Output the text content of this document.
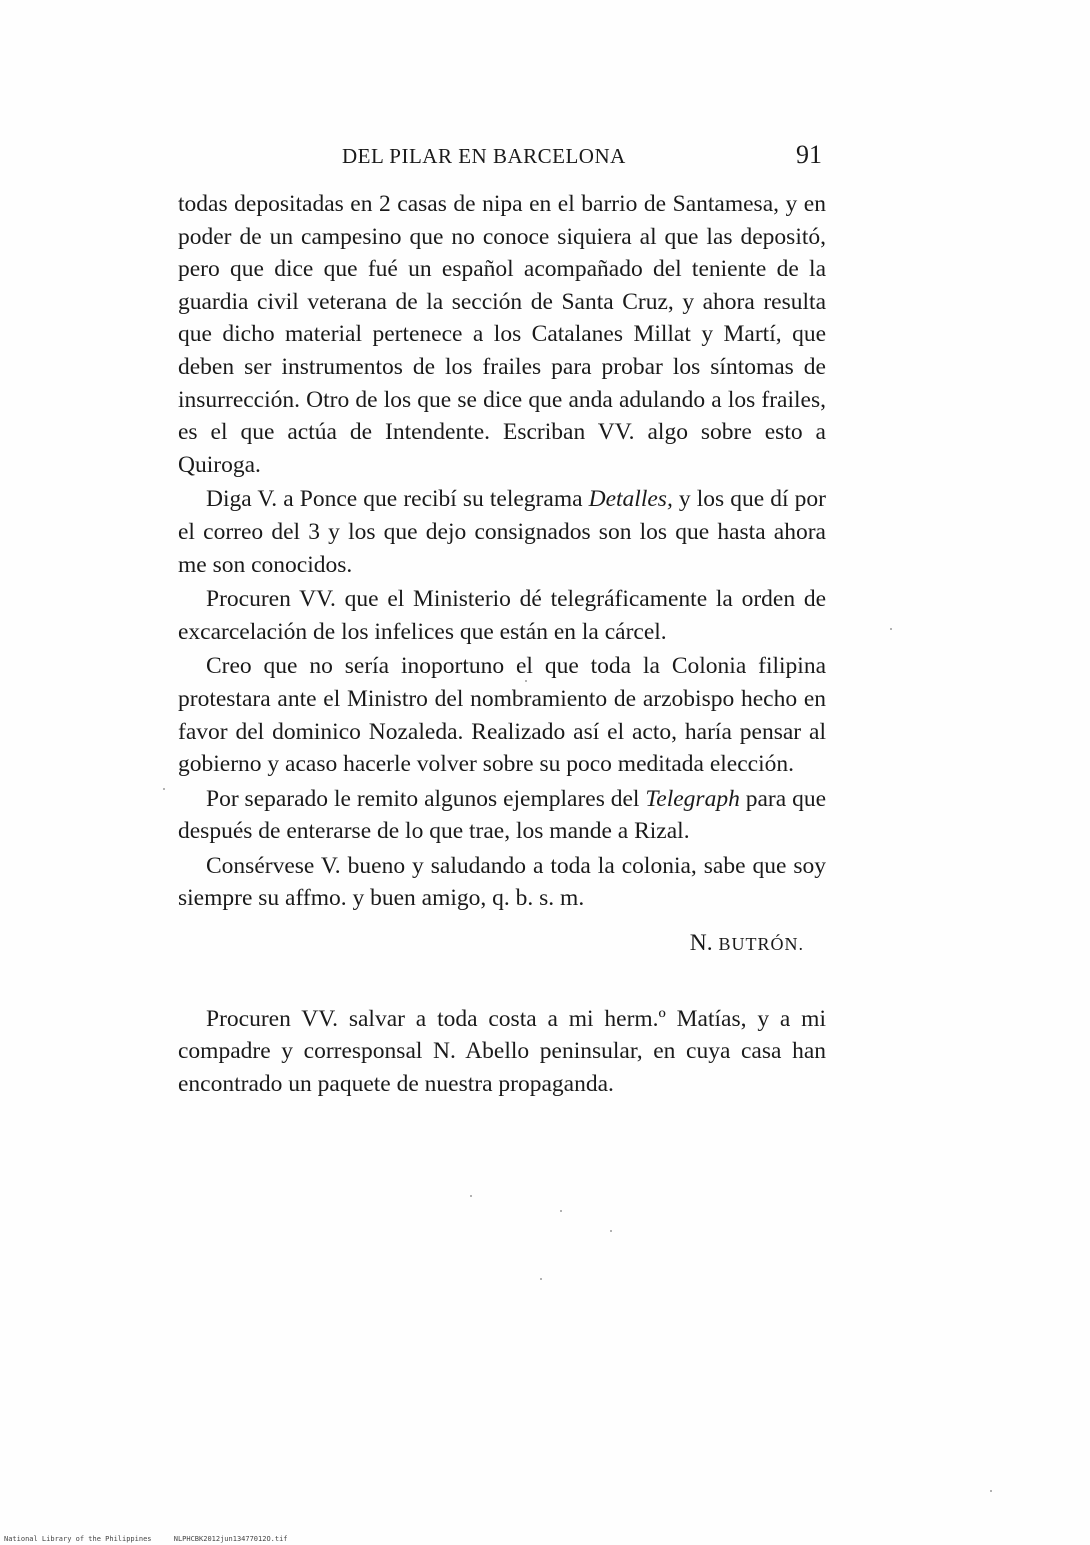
DEL PILAR EN BARCELONA	91

todas depositadas en 2 casas de nipa en el barrio de Santamesa, y en poder de un campesino que no conoce siquiera al que las depositó, pero que dice que fué un español acompañado del teniente de la guardia civil veterana de la sección de Santa Cruz, y ahora resulta que dicho material pertenece a los Catalanes Millat y Martí, que deben ser instrumentos de los frailes para probar los síntomas de insurrección. Otro de los que se dice que anda adulando a los frailes, es el que actúa de Intendente. Escriban VV. algo sobre esto a Quiroga.

Diga V. a Ponce que recibí su telegrama Detalles, y los que dí por el correo del 3 y los que dejo consignados son los que hasta ahora me son conocidos.

Procuren VV. que el Ministerio dé telegráficamente la orden de excarcelación de los infelices que están en la cárcel.

Creo que no sería inoportuno el que toda la Colonia filipina protestara ante el Ministro del nombramiento de arzobispo hecho en favor del dominico Nozaleda. Realizado así el acto, haría pensar al gobierno y acaso hacerle volver sobre su poco meditada elección.

Por separado le remito algunos ejemplares del Telegraph para que después de enterarse de lo que trae, los mande a Rizal.

Consérvese V. bueno y saludando a toda la colonia, sabe que soy siempre su affmo. y buen amigo, q. b. s. m.

N. BUTRÓN.

Procuren VV. salvar a toda costa a mi herm.º Matías, y a mi compadre y corresponsal N. Abello peninsular, en cuya casa han encontrado un paquete de nuestra propaganda.

National Library of the Philippines	NLPHCBK2012jun13477012O.tif
